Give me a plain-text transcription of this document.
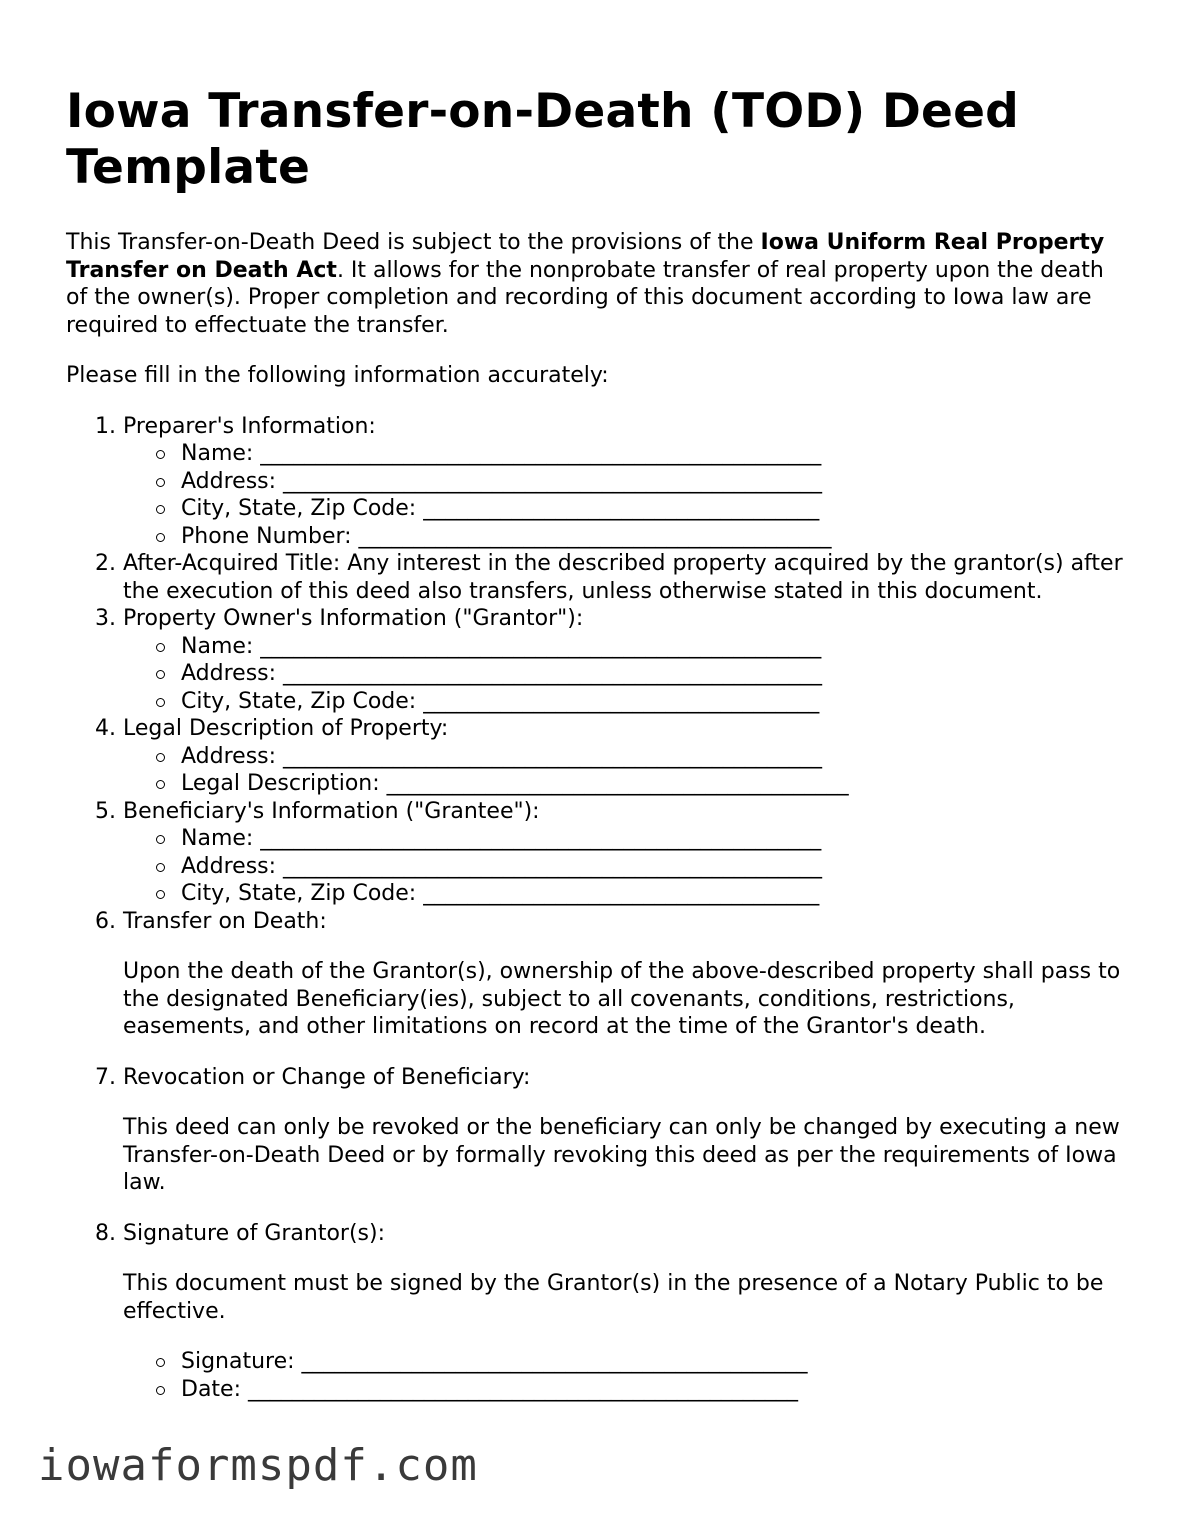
Iowa Transfer-on-Death (TOD) Deed Template

This Transfer-on-Death Deed is subject to the provisions of the Iowa Uniform Real Property Transfer on Death Act. It allows for the nonprobate transfer of real property upon the death of the owner(s). Proper completion and recording of this document according to Iowa law are required to effectuate the transfer.

Please fill in the following information accurately:

1. Preparer's Information:
Name: ___________________________________________________
Address: _________________________________________________
City, State, Zip Code: ____________________________________
Phone Number: ___________________________________________
2. After-Acquired Title: Any interest in the described property acquired by the grantor(s) after the execution of this deed also transfers, unless otherwise stated in this document.
3. Property Owner's Information ("Grantor"):
Name: ___________________________________________________
Address: _________________________________________________
City, State, Zip Code: ____________________________________
4. Legal Description of Property:
Address: _________________________________________________
Legal Description: __________________________________________
5. Beneficiary's Information ("Grantee"):
Name: ___________________________________________________
Address: _________________________________________________
City, State, Zip Code: ____________________________________
6. Transfer on Death:
Upon the death of the Grantor(s), ownership of the above-described property shall pass to the designated Beneficiary(ies), subject to all covenants, conditions, restrictions, easements, and other limitations on record at the time of the Grantor's death.
7. Revocation or Change of Beneficiary:
This deed can only be revoked or the beneficiary can only be changed by executing a new Transfer-on-Death Deed or by formally revoking this deed as per the requirements of Iowa law.
8. Signature of Grantor(s):
This document must be signed by the Grantor(s) in the presence of a Notary Public to be effective.
Signature: ______________________________________________
Date: __________________________________________________
iowaformspdf.com
